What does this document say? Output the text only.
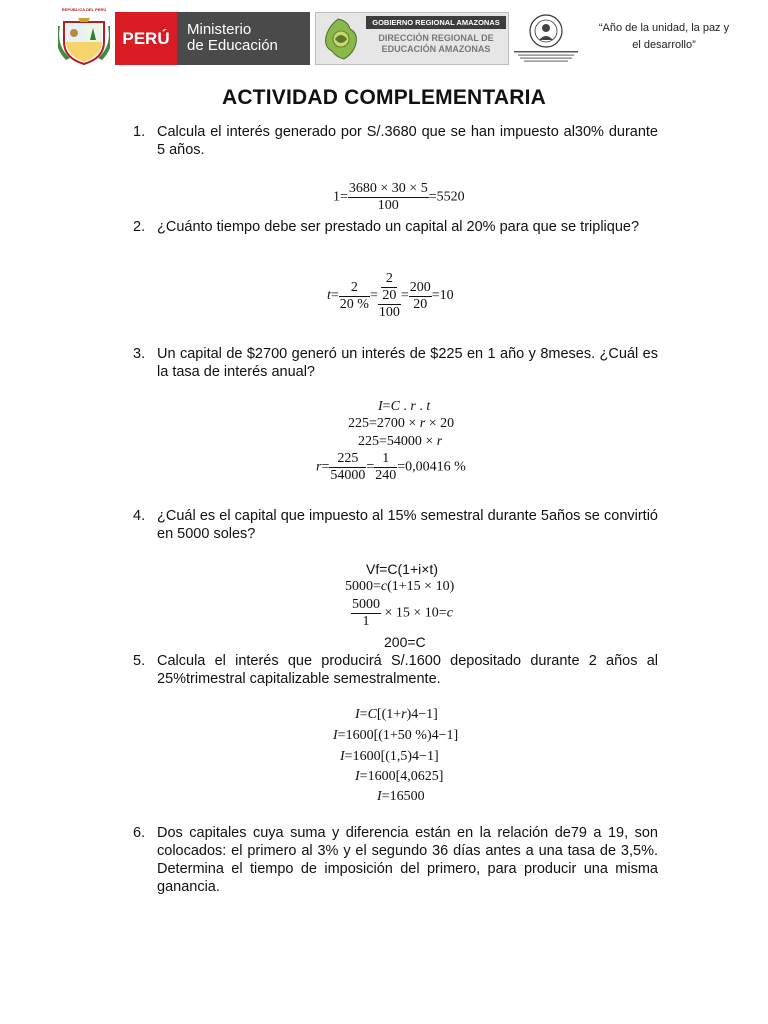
REPÚBLICA DEL PERÚ
PERÚ	Ministerio
de Educación
GOBIERNO REGIONAL AMAZONAS
DIRECCIÓN REGIONAL DE
EDUCACIÓN AMAZONAS
“Año de la unidad, la paz y
el desarrollo”
ACTIVIDAD COMPLEMENTARIA
1. Calcula el interés generado por S/.3680 que se han impuesto al30% durante 5 años.
$1= \frac{3680 \times 30 \times 5}{100} =5520$
2. ¿Cuánto tiempo debe ser prestado un capital al 20% para que se triplique?
$t= \frac{2}{20 \%} = \frac{\frac{2}{20}}{100} = \frac{200}{20} =10$
3. Un capital de $2700 generó un interés de $225 en 1 año y 8meses. ¿Cuál es la tasa de interés anual?
I=C . r . t
225=2700 × r × 20
225=54000 × r
$r= \frac{225}{54000} = \frac{1}{240} =0,00416$ %
4. ¿Cuál es el capital que impuesto al 15% semestral durante 5años se convirtió en 5000 soles?
Vf=C(1+i×t)
5000=c(1+15 × 10)
$\frac{5000}{1} \times 15 \times 10=c$
200=C
5. Calcula el interés que producirá S/.1600 depositado durante 2 años al 25%trimestral capitalizable semestralmente.
I=C[(1+r)4−1]
I=1600[(1+50 %)4−1]
I=1600[(1,5)4−1]
I=1600[4,0625]
I=16500
6. Dos capitales cuya suma y diferencia están en la relación de79 a 19, son colocados: el primero al 3% y el segundo 36 días antes a una tasa de 3,5%. Determina el tiempo de imposición del primero, para producir una misma ganancia.
